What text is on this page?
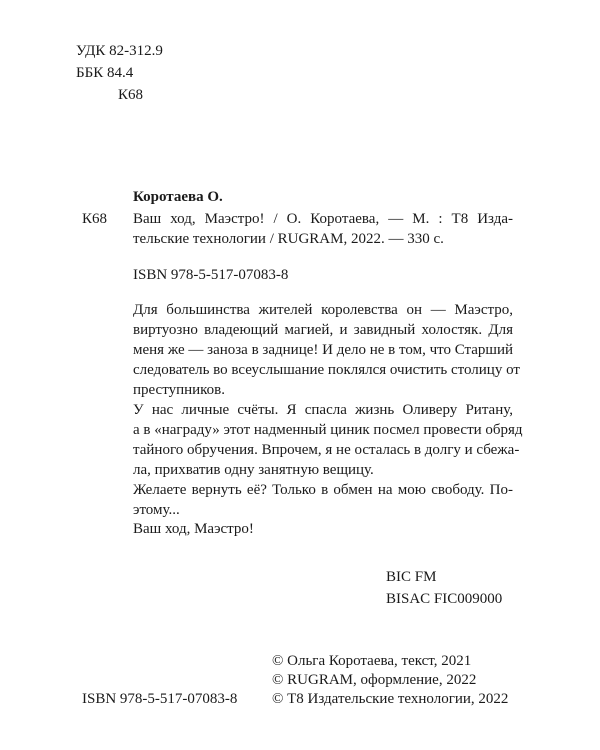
УДК 82-312.9
ББК 84.4
К68
Коротаева О.
К68 Ваш ход, Маэстро! / О. Коротаева, — М. : Т8 Издa-
тельские технологии / RUGRAM, 2022. — 330 с.
ISBN 978-5-517-07083-8
Для большинства жителей королевства он — Маэстро,
виртуозно владеющий магией, и завидный холостяк. Для
меня же — заноза в заднице! И дело не в том, что Старший
следователь во всеуслышание поклялся очистить столицу от
преступников.
У нас личные счёты. Я спасла жизнь Оливеру Ритану,
а в «награду» этот надменный циник посмел провести обряд
тайного обручения. Впрочем, я не осталась в долгу и сбежа-
ла, прихватив одну занятную вещицу.
Желаете вернуть её? Только в обмен на мою свободу. По-
этому...
Ваш ход, Маэстро!
BIC FM
BISAC FIC009000
ISBN 978-5-517-07083-8
© Ольга Коротаева, текст, 2021
© RUGRAM, оформление, 2022
© Т8 Издательские технологии, 2022
